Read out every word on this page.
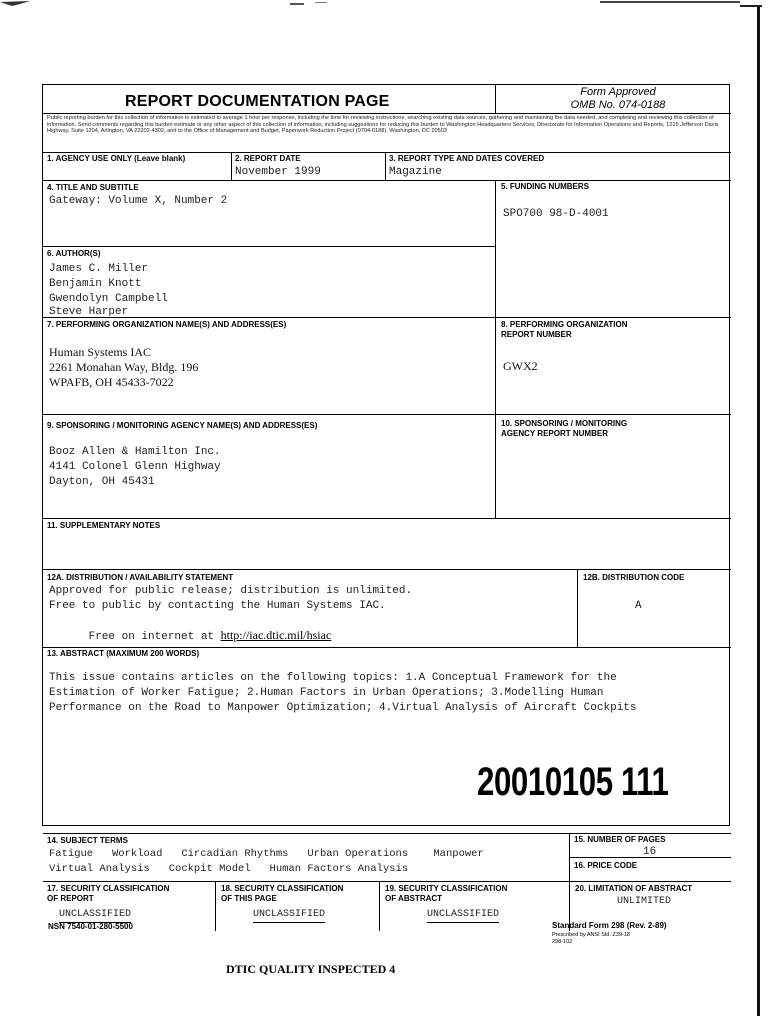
REPORT DOCUMENTATION PAGE
Form Approved
OMB No. 074-0188
Public reporting burden for this collection of information is estimated to average 1 hour per response, including the time for reviewing instructions, searching existing data sources, gathering and maintaining the data needed, and completing and reviewing this collection of information. Send comments regarding this burden estimate or any other aspect of this collection of information, including suggestions for reducing this burden to Washington Headquarters Services, Directorate for Information Operations and Reports, 1215 Jefferson Davis Highway, Suite 1204, Arlington, VA 22202-4302, and to the Office of Management and Budget, Paperwork Reduction Project (0704-0188), Washington, DC 20503
1. AGENCY USE ONLY (Leave blank)	2. REPORT DATE
November 1999
3. REPORT TYPE AND DATES COVERED
Magazine
4. TITLE AND SUBTITLE
Gateway: Volume X, Number 2
5. FUNDING NUMBERS
SPO700 98-D-4001
6. AUTHOR(S)
James C. Miller
Benjamin Knott
Gwendolyn Campbell
Steve Harper
7. PERFORMING ORGANIZATION NAME(S) AND ADDRESS(ES)
Human Systems IAC
2261 Monahan Way, Bldg. 196
WPAFB, OH 45433-7022
8. PERFORMING ORGANIZATION
REPORT NUMBER
GWX2
9. SPONSORING / MONITORING AGENCY NAME(S) AND ADDRESS(ES)
Booz Allen & Hamilton Inc.
4141 Colonel Glenn Highway
Dayton, OH 45431
10. SPONSORING / MONITORING
AGENCY REPORT NUMBER
11. SUPPLEMENTARY NOTES
12A. DISTRIBUTION / AVAILABILITY STATEMENT
Approved for public release; distribution is unlimited.
Free to public by contacting the Human Systems IAC.

Free on internet at http://iac.dtic.mil/hsiac

12B. DISTRIBUTION CODE
A
13. ABSTRACT (MAXIMUM 200 WORDS)
This issue contains articles on the following topics: 1.A Conceptual Framework for the
Estimation of Worker Fatigue; 2.Human Factors in Urban Operations; 3.Modelling Human
Performance on the Road to Manpower Optimization; 4.Virtual Analysis of Aircraft Cockpits
20010105 111
14. SUBJECT TERMS
Fatigue   Workload   Circadian Rhythms   Urban Operations    Manpower
Virtual Analysis   Cockpit Model   Human Factors Analysis
15. NUMBER OF PAGES
16
16. PRICE CODE
17. SECURITY CLASSIFICATION
OF REPORT
UNCLASSIFIED
18. SECURITY CLASSIFICATION
OF THIS PAGE
UNCLASSIFIED
19. SECURITY CLASSIFICATION
OF ABSTRACT
UNCLASSIFIED
20. LIMITATION OF ABSTRACT
UNLIMITED
NSN 7540-01-280-5500	Standard Form 298 (Rev. 2-89)
Prescribed by ANSI Std. Z39-18
298-102
DTIC QUALITY INSPECTED 4
